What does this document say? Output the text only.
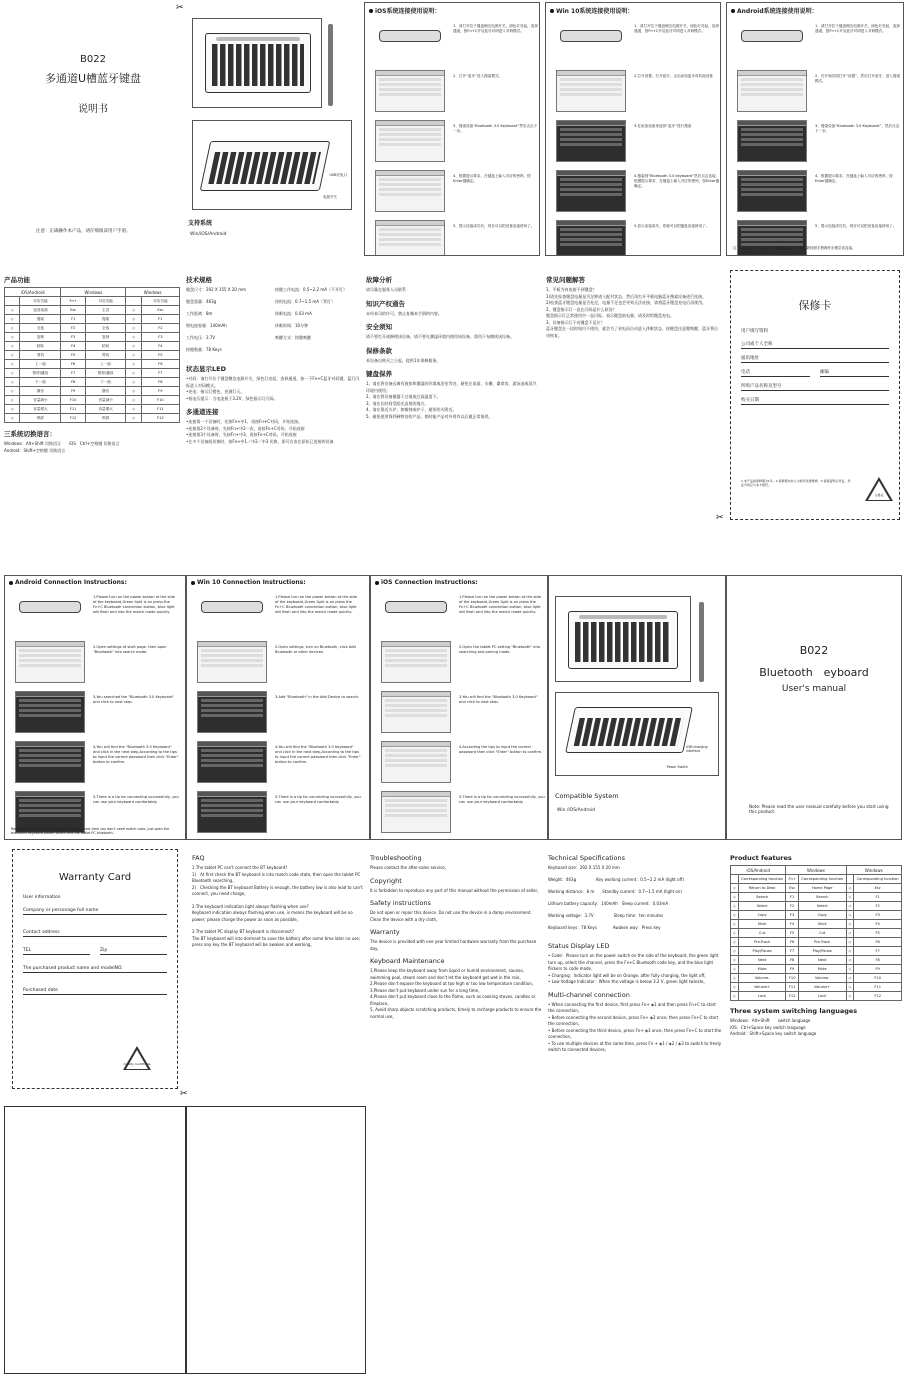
B022
多通道U槽蓝牙键盘
说明书
注意：正确操作本产品，请仔细阅读用户手册。
USB充电口
电源开关
支持系统
Win/iOS/Android
✂	iOS系统连接使用说明：
1、请打开位于键盘侧边电源开关，绿色灯亮起，选择通道，按Fn+C开启蓝牙对码进入对码模式。
2、打开“蓝牙”进入搜索模式。
3、搜索设备“Bluetooth 3.0 Keyboard”然后点击下一步。
4、根据提示要求，在键盘上输入对应的密码，按Enter键确定。
5、提示连接成功后，现在可以把设备连接使用了。
Win 10系统连接使用说明：
1、请打开位于键盘侧边电源开关，绿色灯亮起，选择通道，按Fn+C开启蓝牙对码进入对码模式。
2.打开设置，打开蓝牙，点击添加蓝牙或其他设备
3.在添加设备里选择“蓝牙”进行搜索
4.搜索到“Bluetooth 3.0 keyboard”然后点击连接,根据提示要求，在键盘上输入对应的密码，按Enter键确定。
5.显示连接成功，你就可以把键盘连接使用了。
Android系统连接使用说明：
1、请打开位于键盘侧边电源开关，绿色灯亮起，选择通道，按Fn+C开启蓝牙对码进入对码模式。
2、在开始页面打开“设置”，然后打开蓝牙，进入搜索模式。
3、搜索设备“Bluetooth 3.0 Keyboard”，然后点击下一步。
4、根据提示要求，在键盘上输入对应的密码，按Enter键确定。
5、提示连接成功后，现在可以把设备连接使用了。
注：若在此以上尚未显示可用的键盘名称，请重新按照手册操作步骤尝试连接。
产品功能
iOS/Android		Windows		Windows	
	对应功能	Fn+	对应功能		对应功能
◇	返回桌面	Esc	主页	◇	Esc
◇	搜索	F1	搜索	◇	F1
◇	全选	F2	全选	◇	F2
◇	复制	F3	复制	◇	F3
◇	粘贴	F4	粘贴	◇	F4
◇	剪切	F5	剪切	◇	F5
◇	上一曲	F6	上一曲	◇	F6
◇	暂停/播放	F7	暂停/播放	◇	F7
◇	下一曲	F8	下一曲	◇	F8
◇	静音	F9	静音	◇	F9
◇	音量减小	F10	音量减小	◇	F10
◇	音量增大	F11	音量增大	◇	F11
◇	锁屏	F12	锁屏	◇	F12
三系统切换语言：
Windows：Alt+Shift 切换语言　　iOS：Ctrl+空格键 切换语言
Android：Shift+空格键 切换语言
技术规格
键盘尺寸：292 X 155 X 20 mm
键盘重量：463g
工作距离：8m
锂电池容量：140mAh
工作电压：3.7V
按键数量：78 Keys
按键工作电流：0.5~2.2 mA（不开灯）
待机电流：0.7~1.5 mA（背灯）
休眠电流：0.03 mA
休眠时间：10分钟
唤醒方式：按键唤醒
状态显示LED
•对码：请打开位于键盘侧边电源开关，绿色灯亮起，选择通道，按一下Fn+C蓝牙对码键，蓝灯闪烁进入对码模式。
•充电：指示灯橙色，充满灯灭。
•低电压提示：当电池低于3.2V，绿色指示灯闪烁。
多通道连接
•连接第一个设备时，先按Fn+中1，再按Fn+C对码，开始连接。
•连接第2个设备时，先按Fn+中2一次，再按Fn+C对码，开始连接
•连接第3个设备时，先按Fn+中3，再按Fn+C对码，开始连接
•在多个设备间切换时，按Fn+中1／中2／中3 切换，即可自由在原始已连接的设备
故障分析
请尽量在服务人员联系
知识产权通告
未经本司的许可，禁止复制本手册的内容。
安全须知
请不要打开或修理该设备，请不要在潮湿环境内使用该设备，需用干布擦拭该设备。
保修条款
本设备自购买之日起，提供1年保修服务。
键盘保养
1、请在将设备远离有液体和潮湿的环境或浴室等处，避免在桌面、水槽、桑拿房、游泳池或蒸汽环境内使用。
2、请在将设备暴露于过低或过高温度下。
3、请在长时间受阳光直射的地方。
4、请在靠近火炉，如蜡烛或炉子，避免明火附近。
5、避免使用锋利硬物划伤产品，如时能产品对外用有以后做正常保养。
常见问题解答
1、平板为何连接不到键盘？
1)请先检查键盘电量是否足够进入配对状态，然后再打开平板电脑蓝牙搜索设备进行连接。
2)检查蓝牙键盘电量是否充足，电量不足也会导致无法连接，请将蓝牙键盘充电后再使用。
2、键盘指示灯一直在闪烁是什么原因？
键盘指示灯正常使用中一直闪烁，表示键盘低电量，请及时给键盘充电。
3、设备指示灯不亮键盘不反应？
蓝牙键盘在一段时间内不使用，就会为了省电而自动进入休眠状态，按键盘任意键唤醒，蓝牙将自动恢复。
保修卡
用户填写资料
公司或个人全称
通讯地址
电话	邮编
所购产品名称及型号
购买日期
1.本产品的保修期为1年。2.保修期内非人为损坏免费维修。3.请保留购买凭证，凭证号码应与本卡相符。
合格证
✂
Android Connection Instructions:
1.Please turn on the power button at the side of the keyboard,Green light is on press the Fn+C Bluetooth connection button, blue light will flash and into the match mode quickly.
2.Open settings at start page, then open "Bluetooth" into search mode.
3.You searched the "Bluetooth 3.0 Keyboard" and click to next step.
4.You will find the "Bluetooth 3.0 Keyboard" and click in the next step,According to the tips to input the correct password then click "Enter" button to confirm.
5.There is a tip for connecting successfully, you can use your keyboard comfortably.
Remarks: After connecting successfully,the next time you don't need match code, just open the bluetooth keyboard power switch and the tablet PC bluetooth.
Win 10 Connection Instructions:
1.Please turn on the power button at the side of the keyboard,Green light is on press the Fn+C Bluetooth connection button, blue light will flash and into the match mode quickly.
2.Open settings, turn on Bluetooth, click Add Bluetooth or other devices.
3.Add "Bluetooth" in the Add Device to search.
4.You will find the "Bluetooth 3.0 Keyboard" and click in the next step,According to the tips to input the correct password then click "Enter" button to confirm.
5.There is a tip for connecting successfully, you can use your keyboard comfortably.
iOS Connection Instructions:
1.Please turn on the power button at the side of the keyboard,Green light is on press the Fn+C Bluetooth connection button, blue light will flash and into the match mode quickly.
2.Open the tablet PC setting "Bluetooth" into searching and pairing mode.
3.You will find the "Bluetooth 3.0 Keyboard" and click to next step.
4.According the tips to input the correct password then click "Enter" button to confirm.
5.There is a tip for connecting successfully, you can use your keyboard comfortably.
USB charging interface
Power Switch
Compatible System
Win /iOS/Android
B022
Bluetooth　eyboard
User's manual
Note: Please read the user manual carefully before you start using this product.
Warranty Card
User information
Company or personage full name
Contact address
TEL	Zip
The purchased product name and modelNO.
Purchased date
Quality Certificate
✂
FAQ
1.The tablet PC can't connect the BT keyboard?
1)　At first check the BT keyboard is into match code state, then open the tablet PC Bluetooth searching。
2)　Checking the BT keyboard Battery is enough, the battery low is also lead to can't connect, you need charge。
2.The keyboard indication light always flashing when use?
Keyboard indication always flashing when use, is means the keyboard will be no power; please charge the power as soon as possible。
3.The tablet PC display BT keyboard is disconnect?
The BT keyboard will into dormant to save the battery after some time later no use; press any key the BT keyboard will be awaken and working。
Troubleshooting
Please contact the after-sales service。
Copyright
It is forbidden to reproduce any part of this manual without the permission of seller。
Safety instructions
Do not open or repair this device. Do not use the device in a damp environment. Clean the device with a dry cloth。
Warranty
The device is provided with one year limited hardware warranty from the purchase day。
Keyboard Maintenance
1,Please keep the keyboard away from liquid or humid environment, saunas, swimming pool, steam room and don't let the keyboard get wet in the rain。
2,Please don't expose the keyboard at too high or too low temperature condition。
3,Please don't put keyboard under sun for a long time。
4,Please don't put keyboard close to the flame, such as cooking stoves, candles or fireplace。
5, Avoid sharp objects scratching products, timely to recharge products to ensure the normal use。
Technical Specifications
Keyboard size：292 X 155 X 20 mm
Weight：463g　　　　　Key working current：0.5~2.2 mA (light off)
Working distance：8 m　　Standby current：0.7~1.5 mA (light on)
Lithium battery capacity：140mAh　Sleep current：0.03mA
Working voltage：3.7V　　　　　Sleep time：ten minutes
Keyboard keys：78 Keys　　　　Awaken way：Press key
Status Display LED
• Code：Please turn on the power switch on the side of the keyboard, the green light turn up, select the channel, press the Fn+C Bluetooth code key, and the blue light flickers to code mode。
• Charging：Indicator light will be on Orange, after fully charging, the light off。
• Low Voltage Indicator：When the voltage is below 3.2 V, green light twinkle。
Multi-channel connection
• When connecting the first device, first press Fn+ ◈1 and then press Fn+C to start the connection。
• Before connecting the second device, press Fn+ ◈2 once, then press Fn+C to start the connection。
• Before connecting the third device, press Fn+ ◈3 once, then press Fn+C to start the connection。
• To use multiple devices at the same time, press Fn + ◈1 / ◈2 / ◈3 to switch to freely switch to connected devices。
Product features
iOS/Android		Windows		Windows	
	Corresponding function	Fn+	Corresponding function		Corresponding function
◇	Return to Desk	Esc	Home Page	◇	Esc
◇	Search	F1	Search	◇	F1
◇	Select	F2	Select	◇	F2
◇	Copy	F3	Copy	◇	F3
◇	Stick	F4	Stick	◇	F4
◇	Cut	F5	Cut	◇	F5
◇	Pre-Track	F6	Pre-Track	◇	F6
◇	Play/Pause	F7	Play/Pause	◇	F7
◇	Next	F8	Next	◇	F8
◇	Mute	F9	Mute	◇	F9
◇	Volume-	F10	Volume-	◇	F10
◇	Volume+	F11	Volume+	◇	F11
◇	Lock	F12	Lock	◇	F12
Three system switching languages
Windows：Alt+Shift　　switch language
iOS：Ctrl+Space key switch language
Android：Shift+Space key switch language
